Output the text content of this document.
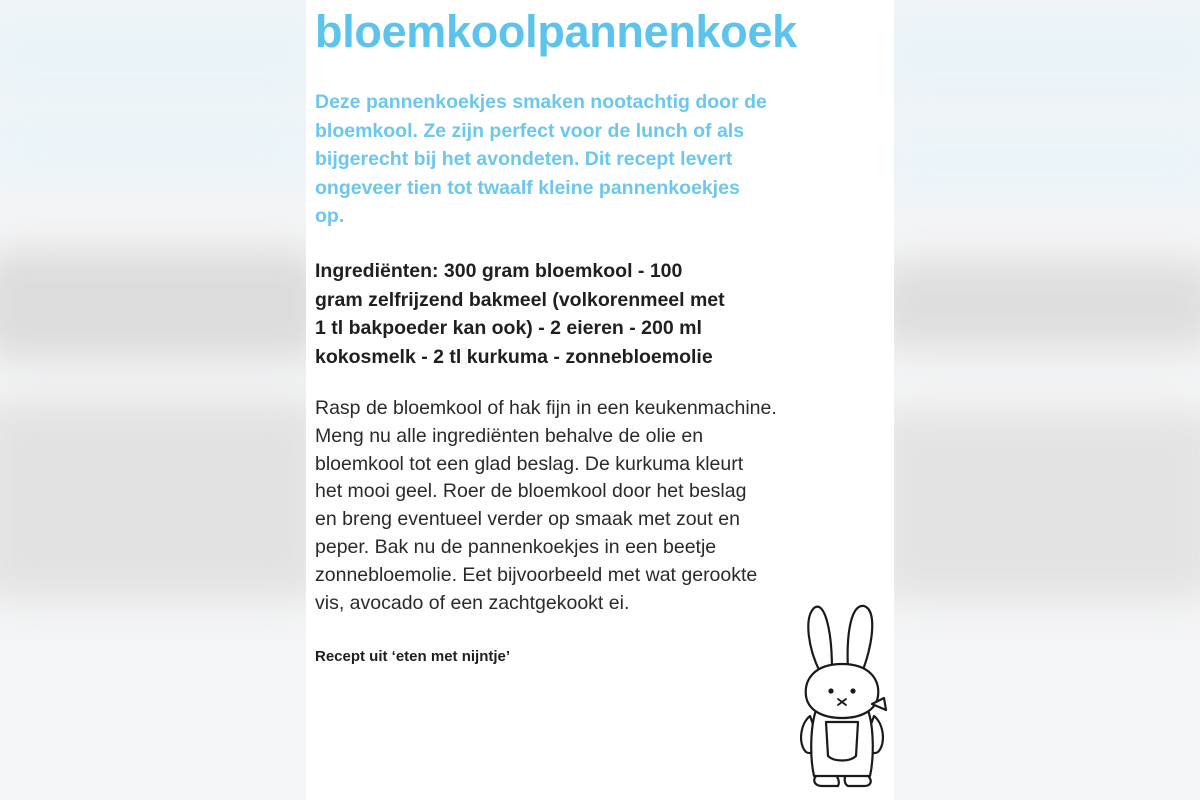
bloemkoolpannenkoek

Deze pannenkoekjes smaken nootachtig door de
bloemkool. Ze zijn perfect voor de lunch of als
bijgerecht bij het avondeten. Dit recept levert
ongeveer tien tot twaalf kleine pannenkoekjes
op.

Ingrediënten: 300 gram bloemkool - 100
gram zelfrijzend bakmeel (volkorenmeel met
1 tl bakpoeder kan ook) - 2 eieren - 200 ml
kokosmelk - 2 tl kurkuma - zonnebloemolie

Rasp de bloemkool of hak fijn in een keukenmachine.
Meng nu alle ingrediënten behalve de olie en
bloemkool tot een glad beslag. De kurkuma kleurt
het mooi geel. Roer de bloemkool door het beslag
en breng eventueel verder op smaak met zout en
peper. Bak nu de pannenkoekjes in een beetje
zonnebloemolie. Eet bijvoorbeeld met wat gerookte
vis, avocado of een zachtgekookt ei.

Recept uit ‘eten met nijntje’
